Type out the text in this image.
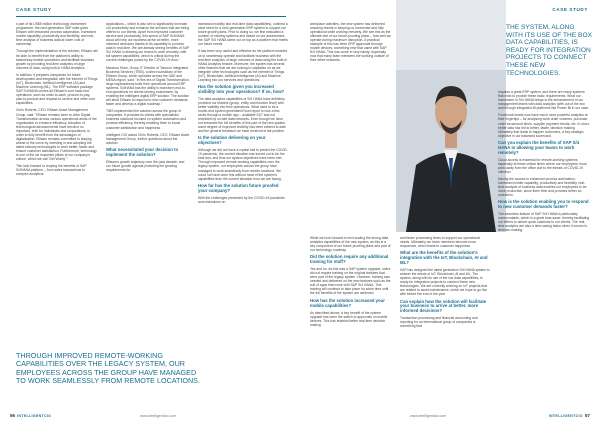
CASE STUDY

s part of its US$5 million technology investment programme, the next-generation SAP suite gives Ellisam with enhanced process automation, increased mobile capability, productivity and flexibility, and real-time analysis of business data at lower cost of ownership.

Through the implementation of the solution, Ellisam will be able to benefit from the platform's ability to seamlessly enable operations and facilitate business growth by providing real-time analytics of large volumes of data, using built-in HANA Analytics.

In addition, it prepares companies for future development and integration with the Internet of Things (IoT), Blockchain, Artificial Intelligence (AI) and Machine Learning (ML). The ERP software package SAP S/4HANA covers all Ellisam's core back-end operations, such as order-to-cash, procure-to-pay, plan-to-product and request-to-service and other core capabilities.

Chris Roberts, CEO, Ellisam Asset Management Group, said: "Ellisam remains keen to drive Digital Transformation across various operational areas of the organisation to enhance efficiency. Adoption of technological advancements have become so important, both for individuals and corporations, in order to fully benefit from the advantages of digitalisation. Ellisam remains committed to staying ahead of the curve by investing in and adopting the latest industry technologies to work better, faster and ensure customer satisfaction. Furthermore, technology is one of the six important pillars of our company's culture, which we call 'Get Wordy'."

"We look forward to reaping the benefits of SAP S/4HANA platform – from sales transactions to complex analytical

applications – which is also set to significantly increase our productivity and enhance the services that are being offered to our clients. Apart from improved customer service and productivity, this speed of SAP S/4HANA cloud will help our business arrive at better, more informed decisions thanks to its capability to process data in real-time. We are already seeing benefits of SAP S/4 HANA in allowing our teams to work remotely, with full system capabilities, which is critical during the current challenges posed by the COVID-19 virus."

Mansoor Khan, Group IT Director of Tamouh Integrated Business Services (TIBS), a direct subsidiary of the Ellisam Group, which operates across the UAE and MENA region, said: "In this era of Digital Transformation, large organisations build their operations around ERP systems. S/4HANA has the ability to transform end-to-end operations for clients serving businesses, by enabling the intelligent digital ERP solution. The solution will allow Ellisam to respond to new customer demands faster and develop a digital roadmap."

TIBS implemented the solution across the group of companies. It provides its clients with specialised business solutions focused on system automation and process efficiency, thereby enabling them to boost customer satisfaction and happiness.

Intelligent CIO asked Chris Roberts, CEO, Ellisam Asset Management Group, further questions about the solution.

What necessitated your decision to implement the solution?

Ellisam's growth trajectory over the past decade, and our future growth agenda (including the growing requirements for

increased mobility and real-time data capabilities), outlined a clear need for a next-generation ERP system to support our future growth plans. Prior to doing so, we first evaluated a number of existing systems and based on our assessment, the SAP S/4 HANA came out on top as a platform that meets our future needs.

It has been very useful and effective as the platform enables us to seamlessly operate and facilitate business with the real-time analytics of large volumes of data using the built-in HANA Analytics feature. Moreover, the system has several other features that we are looking to capitalise on as we integrate other technologies such as the Internet of Things (IoT), Blockchain, Artificial Intelligence (AI) and Machine Learning into our services and operations.

Has the solution given you increased visibility into your operations? If so, how?

The data analytics capabilities of S/4 HANA have definitely provided our leaders (group, entity and function level) with better visibility into their operations. What used to be a month-end system generated Excel report is now a few clicks through a mobile app – available 24/7 and not restricted by on-site data networks. Even though we have not extracted the full benefits of this part of the new system, some degree of improved visibility has been evident to date and the general feedback we have received is fair positive.

Is the solution delivering on your objectives?

Although we did not have a crystal ball to predict the COVID-19 pandemic, the current situation has turned out to be the best test, and thus our system objectives have been met. Through improved remote-working capabilities over the legacy system, our employees across the group have managed to work seamlessly from remote locations. We could not have done this without most of the system's capabilities than the current situation from we are facing.

How far has the solution future proofed your company?

With the challenges presented by the COVID-19 pandemic and restrictions on

THROUGH IMPROVED REMOTE-WORKING CAPABILITIES OVER THE LEGACY SYSTEM, OUR EMPLOYEES ACROSS THE GROUP HAVE MANAGED TO WORK SEAMLESSLY FROM REMOTE LOCATIONS.
56 INTELLIGENTCIO	www.intelligentcio.com
CASE STUDY

workplace activities, the new system has delivered amazing results in keeping us connected and fully operational while working remotely. We see this as the ultimate test of our future-proofing plans – how well we operate during maximum disruption. A practical example of this has been ERP approvals through mobile devices, something new that came with SAP S/4 HANA. This has come in very handy, especially now that many team members are working outside of their office networks.

THE SYSTEM, ALONG WITH ITS USE OF THE BOX DATA CAPABILITIES, IS READY FOR INTEGRATION PROJECTS TO CONNECT THESE NEW TECHNOLOGIES.

While we look forward to next scaling the strong data analytics capabilities of the new system, as this is a key component of our future proofing plans and part of our technology roadmap.

Did the solution require any additional training for staff?

Yes and no. As this was a SAP system upgrade, users did not require training on the original features that were part of the legacy system. However, training was needed and delivered on the new features such as the suit of apps that come with SAP S/4 HANA. This training will continue to take place for some time until the full benefits of the system are achieved.

How has the solution increased your mobile capabilities?

As described above, a key benefit of the system upgrade has been the switch to approvals on mobile devices. This has enabled better real-time decision making

and faster processing times to support our operational needs. Ultimately our team members become more responsive, which leads to customer happiness.

What are the benefits of the solution's integration with the IoT, Blockchain, AI and ML?

SAP has designed the latest generation S/4 HANA system to answer the needs of IoT, Blockchain, AI and ML. The system, along with its use of the low data capabilities, is ready for integration projects to connect these new technologies. We are currently working on IoT projects that are related to asset maintenance, which we hope to go live with before the end of the year.

Can explain how the solution will facilitate your business to arrive at better, more informed decisions?

Transaction processing and financial accounting and reporting for an international group of companies is something that

requires a great ERP system, and there are many systems that exist to provide these basic requirements. What our investment in S/4 HANA brings is the enhancement of our management teams with data analytics (with out of the box and through integrated BI platforms like Power BI in our case.

Functional heads now have much more powerful analytics at their fingertips – for analysing work order volumes, purchase order turnaround times, supplier payment trends, etc. In short, better data has led to better, faster, decision making. Ultimately that leads to happier customers, a key strategic objective in our balanced scorecard.

Can you explain the benefits of SAP S/4 HANA in allowing your teams to work remotely?

Cloud access is essential for remote-working systems especially at these critical times where our employees' must work away from the office due to the threats of COVID-19 infection.

Having the access to enhanced process automation, increased mobile capability, productivity and flexibility, real-time analysis of business data enables our employees to be more productive, since them time and provides better co-ordination.

How is the solution enabling you to respond to new customer demands faster?

The seamless feature of SAP S/4 HANA is particularly commendable, which is a great time-saver, thereby facilitating our efforts to deliver quick solutions to our clients. The real-time analytics are also a time-saving factor when it comes to decision-making.

www.intelligentcio.com	INTELLIGENTCIO 57
